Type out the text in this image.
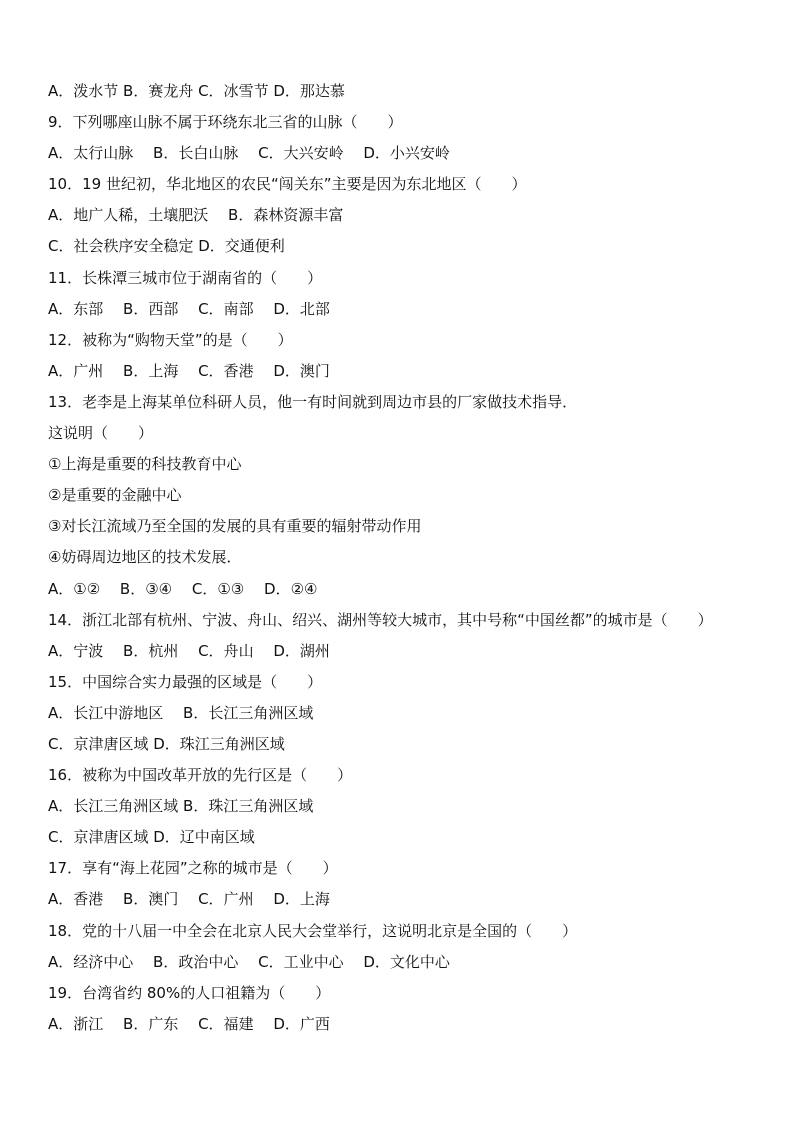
A．泼水节 B．赛龙舟 C．冰雪节 D．那达慕
9．下列哪座山脉不属于环绕东北三省的山脉（　　）
A．太行山脉　 B．长白山脉　 C．大兴安岭　 D．小兴安岭
10．19 世纪初，华北地区的农民“闯关东”主要是因为东北地区（　　）
A．地广人稀，土壤肥沃　 B．森林资源丰富
C．社会秩序安全稳定 D．交通便利
11．长株潭三城市位于湖南省的（　　）
A．东部　 B．西部　 C．南部　 D．北部
12．被称为“购物天堂”的是（　　）
A．广州　 B．上海　 C．香港　 D．澳门
13．老李是上海某单位科研人员，他一有时间就到周边市县的厂家做技术指导．
这说明（　　）
①上海是重要的科技教育中心
②是重要的金融中心
③对长江流域乃至全国的发展的具有重要的辐射带动作用
④妨碍周边地区的技术发展．
A．①②　 B．③④　 C．①③　 D．②④
14．浙江北部有杭州、宁波、舟山、绍兴、湖州等较大城市，其中号称“中国丝都”的城市是（　　）
A．宁波　 B．杭州　 C．舟山　 D．湖州
15．中国综合实力最强的区域是（　　）
A．长江中游地区　 B．长江三角洲区域
C．京津唐区域 D．珠江三角洲区域
16．被称为中国改革开放的先行区是（　　）
A．长江三角洲区域 B．珠江三角洲区域
C．京津唐区域 D．辽中南区域
17．享有“海上花园”之称的城市是（　　）
A．香港　 B．澳门　 C．广州　 D．上海
18．党的十八届一中全会在北京人民大会堂举行，这说明北京是全国的（　　）
A．经济中心　 B．政治中心　 C．工业中心　 D．文化中心
19．台湾省约 80%的人口祖籍为（　　）
A．浙江　 B．广东　 C．福建　 D．广西
